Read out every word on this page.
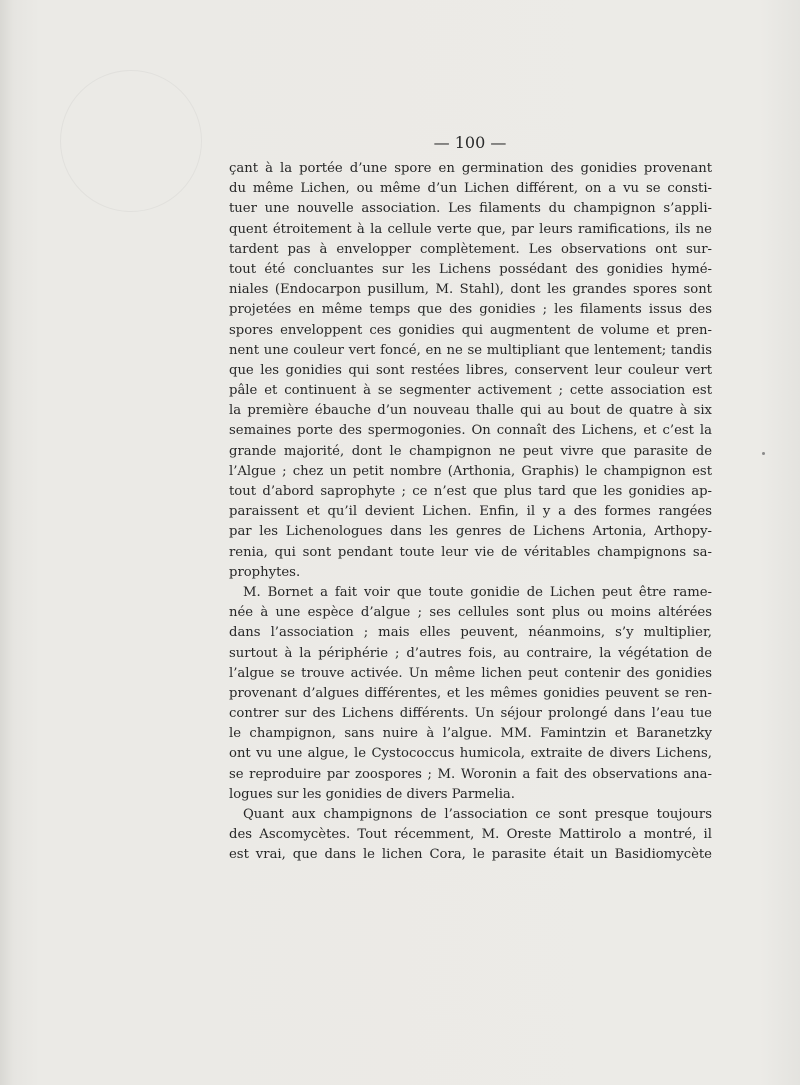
— 100 —

çant à la portée d’une spore en germination des gonidies provenant
du même Lichen, ou même d’un Lichen différent, on a vu se consti-
tuer une nouvelle association. Les filaments du champignon s’appli-
quent étroitement à la cellule verte que, par leurs ramifications, ils ne
tardent pas à envelopper complètement. Les observations ont sur-
tout été concluantes sur les Lichens possédant des gonidies hymé-
niales (Endocarpon pusillum, M. Stahl), dont les grandes spores sont
projetées en même temps que des gonidies ; les filaments issus des
spores enveloppent ces gonidies qui augmentent de volume et pren-
nent une couleur vert foncé, en ne se multipliant que lentement; tandis
que les gonidies qui sont restées libres, conservent leur couleur vert
pâle et continuent à se segmenter activement ; cette association est
la première ébauche d’un nouveau thalle qui au bout de quatre à six
semaines porte des spermogonies. On connaît des Lichens, et c’est la
grande majorité, dont le champignon ne peut vivre que parasite de
l’Algue ; chez un petit nombre (Arthonia, Graphis) le champignon est
tout d’abord saprophyte ; ce n’est que plus tard que les gonidies ap-
paraissent et qu’il devient Lichen. Enfin, il y a des formes rangées
par les Lichenologues dans les genres de Lichens Artonia, Arthopy-
renia, qui sont pendant toute leur vie de véritables champignons sa-
prophytes.
M. Bornet a fait voir que toute gonidie de Lichen peut être rame-
née à une espèce d’algue ; ses cellules sont plus ou moins altérées
dans l’association ; mais elles peuvent, néanmoins, s’y multiplier,
surtout à la périphérie ; d’autres fois, au contraire, la végétation de
l’algue se trouve activée. Un même lichen peut contenir des gonidies
provenant d’algues différentes, et les mêmes gonidies peuvent se ren-
contrer sur des Lichens différents. Un séjour prolongé dans l’eau tue
le champignon, sans nuire à l’algue. MM. Famintzin et Baranetzky
ont vu une algue, le Cystococcus humicola, extraite de divers Lichens,
se reproduire par zoospores ; M. Woronin a fait des observations ana-
logues sur les gonidies de divers Parmelia.
Quant aux champignons de l’association ce sont presque toujours
des Ascomycètes. Tout récemment, M. Oreste Mattirolo a montré, il
est vrai, que dans le lichen Cora, le parasite était un Basidiomycète
